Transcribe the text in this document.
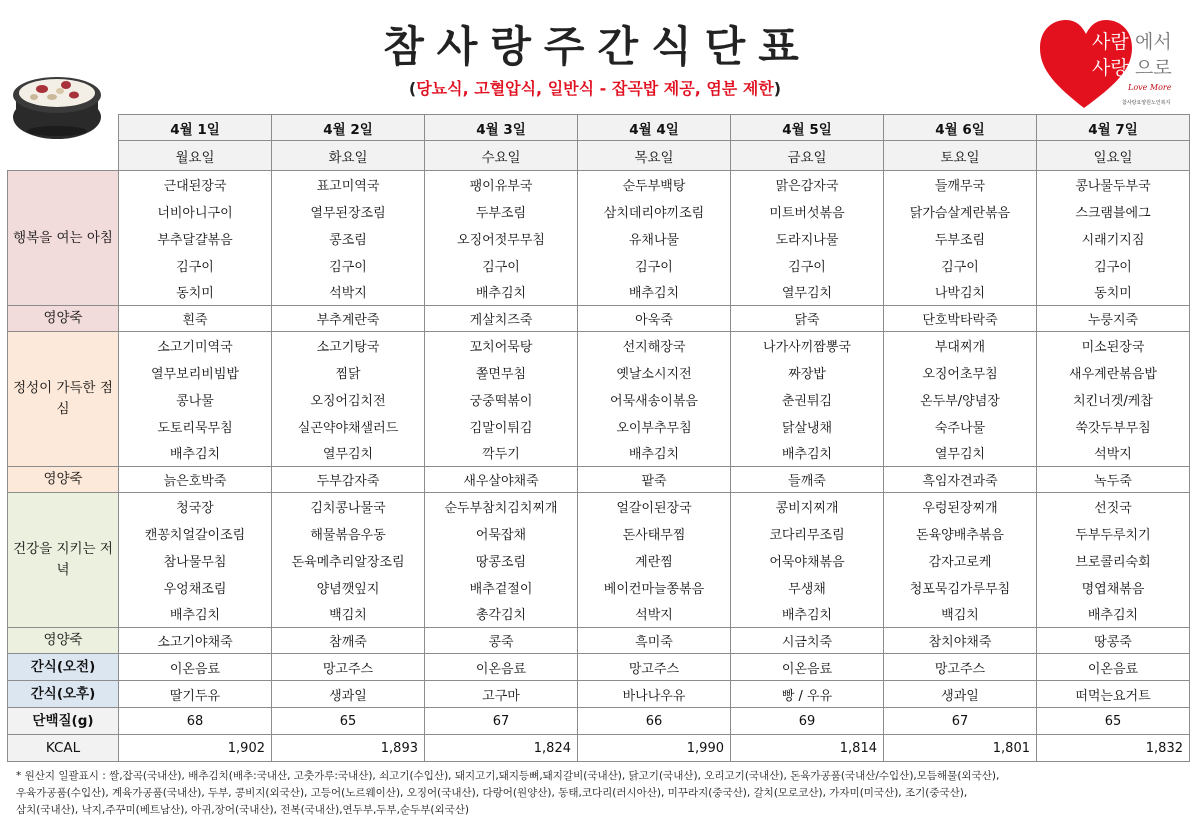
참사랑주간식단표
(당뇨식, 고혈압식, 일반식 - 잡곡밥 제공, 염분 제한)
사람 에서
사랑 으로
Love More
참사랑요양원노인복지
	4월 1일	4월 2일	4월 3일	4월 4일	4월 5일	4월 6일	4월 7일
	월요일	화요일	수요일	목요일	금요일	토요일	일요일
행복을 여는 아침	근대된장국	표고미역국	팽이유부국	순두부백탕	맑은감자국	들깨무국	콩나물두부국
	너비아니구이	열무된장조림	두부조림	삼치데리야끼조림	미트버섯볶음	닭가슴살계란볶음	스크램블에그
	부추달걀볶음	콩조림	오징어젓무무침	유채나물	도라지나물	두부조림	시래기지짐
	김구이	김구이	김구이	김구이	김구이	김구이	김구이
	동치미	석박지	배추김치	배추김치	열무김치	나박김치	동치미
영양죽	흰죽	부추계란죽	게살치즈죽	아욱죽	닭죽	단호박타락죽	누룽지죽
정성이 가득한 점심	소고기미역국	소고기탕국	꼬치어묵탕	선지해장국	나가사끼짬뽕국	부대찌개	미소된장국
	열무보리비빔밥	찜닭	쫄면무침	옛날소시지전	짜장밥	오징어초무침	새우계란볶음밥
	콩나물	오징어김치전	궁중떡볶이	어묵새송이볶음	춘권튀김	온두부/양념장	치킨너겟/케찹
	도토리묵무침	실곤약야채샐러드	김말이튀김	오이부추무침	닭살냉채	숙주나물	쑥갓두부무침
	배추김치	열무김치	깍두기	배추김치	배추김치	열무김치	석박지
영양죽	늙은호박죽	두부감자죽	새우살야채죽	팥죽	들깨죽	흑임자견과죽	녹두죽
건강을 지키는 저녁	청국장	김치콩나물국	순두부참치김치찌개	얼갈이된장국	콩비지찌개	우렁된장찌개	선짓국
	캔꽁치얼갈이조림	해물볶음우동	어묵잡채	돈사태무찜	코다리무조림	돈육양배추볶음	두부두루치기
	참나물무침	돈육메추리알장조림	땅콩조림	계란찜	어묵야채볶음	감자고로케	브로콜리숙회
	우엉채조림	양념깻잎지	배추겉절이	베이컨마늘쫑볶음	무생채	청포묵김가루무침	명엽채볶음
	배추김치	백김치	총각김치	석박지	배추김치	백김치	배추김치
영양죽	소고기야채죽	참깨죽	콩죽	흑미죽	시금치죽	참치야채죽	땅콩죽
간식(오전)	이온음료	망고주스	이온음료	망고주스	이온음료	망고주스	이온음료
간식(오후)	딸기두유	생과일	고구마	바나나우유	빵 / 우유	생과일	떠먹는요거트
단백질(g)	68	65	67	66	69	67	65
KCAL	1,902	1,893	1,824	1,990	1,814	1,801	1,832
* 원산지 일괄표시 : 쌀,잡곡(국내산), 배추김치(배추:국내산, 고춧가루:국내산), 쇠고기(수입산), 돼지고기,돼지등뼈,돼지갈비(국내산), 닭고기(국내산), 오리고기(국내산), 돈육가공품(국내산/수입산),모듬해물(외국산),
우육가공품(수입산), 계육가공품(국내산), 두부, 콩비지(외국산), 고등어(노르웨이산), 오징어(국내산), 다랑어(원양산), 동태,코다리(러시아산), 미꾸라지(중국산), 갈치(모로코산), 가자미(미국산), 조기(중국산),
삼치(국내산), 낙지,주꾸미(베트남산), 아귀,장어(국내산), 전복(국내산),연두부,두부,순두부(외국산)
